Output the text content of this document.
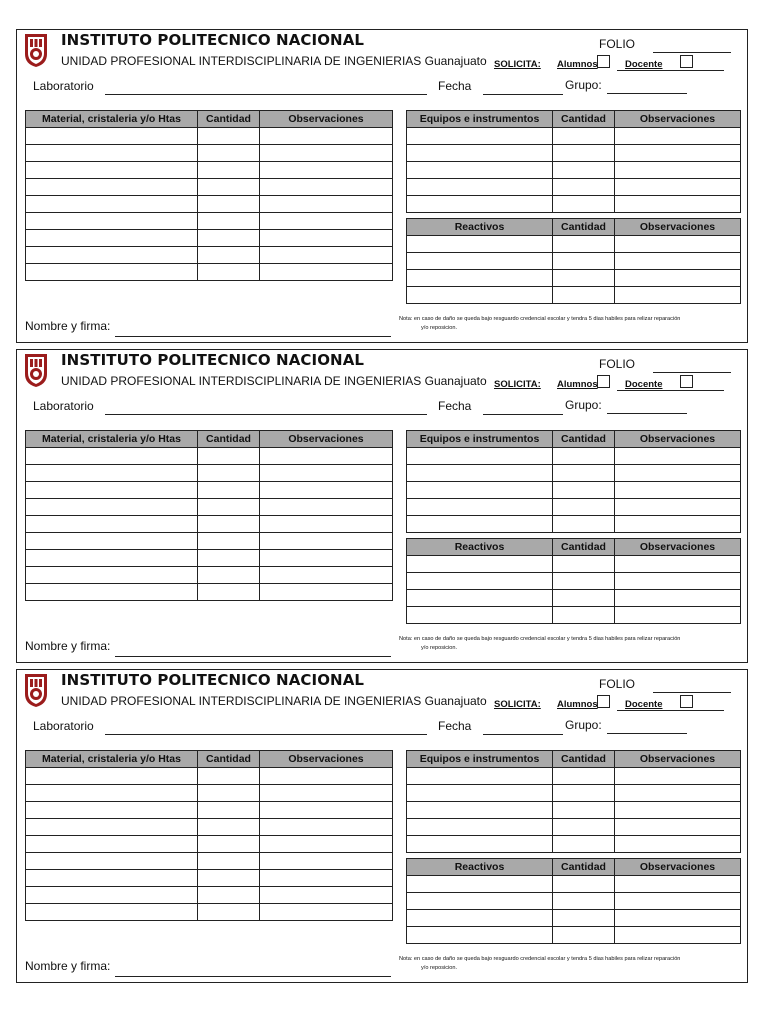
INSTITUTO POLITECNICO NACIONAL
UNIDAD PROFESIONAL INTERDISCIPLINARIA DE INGENIERIAS Guanajuato
FOLIO
SOLICITA: Alumnos	Docente
Laboratorio	Fecha	Grupo:
Material, cristaleria y/o Htas	Cantidad	Observaciones

			Equipos e instrumentos	Cantidad	Observaciones

Reactivos	Cantidad	Observaciones

Nombre y firma:	Nota: en caso de daño se queda bajo resguardo credencial escolar y tendra 5 dias habiles para relizar reparación
y/o reposicion.
INSTITUTO POLITECNICO NACIONAL
UNIDAD PROFESIONAL INTERDISCIPLINARIA DE INGENIERIAS Guanajuato
FOLIO
SOLICITA: Alumnos	Docente
Laboratorio	Fecha	Grupo:
Material, cristaleria y/o Htas	Cantidad	Observaciones

			Equipos e instrumentos	Cantidad	Observaciones

Reactivos	Cantidad	Observaciones

Nombre y firma:	Nota: en caso de daño se queda bajo resguardo credencial escolar y tendra 5 dias habiles para relizar reparación
y/o reposicion.
INSTITUTO POLITECNICO NACIONAL
UNIDAD PROFESIONAL INTERDISCIPLINARIA DE INGENIERIAS Guanajuato
FOLIO
SOLICITA: Alumnos	Docente
Laboratorio	Fecha	Grupo:
Material, cristaleria y/o Htas	Cantidad	Observaciones

			Equipos e instrumentos	Cantidad	Observaciones

Reactivos	Cantidad	Observaciones

Nombre y firma:	Nota: en caso de daño se queda bajo resguardo credencial escolar y tendra 5 dias habiles para relizar reparación
y/o reposicion.
